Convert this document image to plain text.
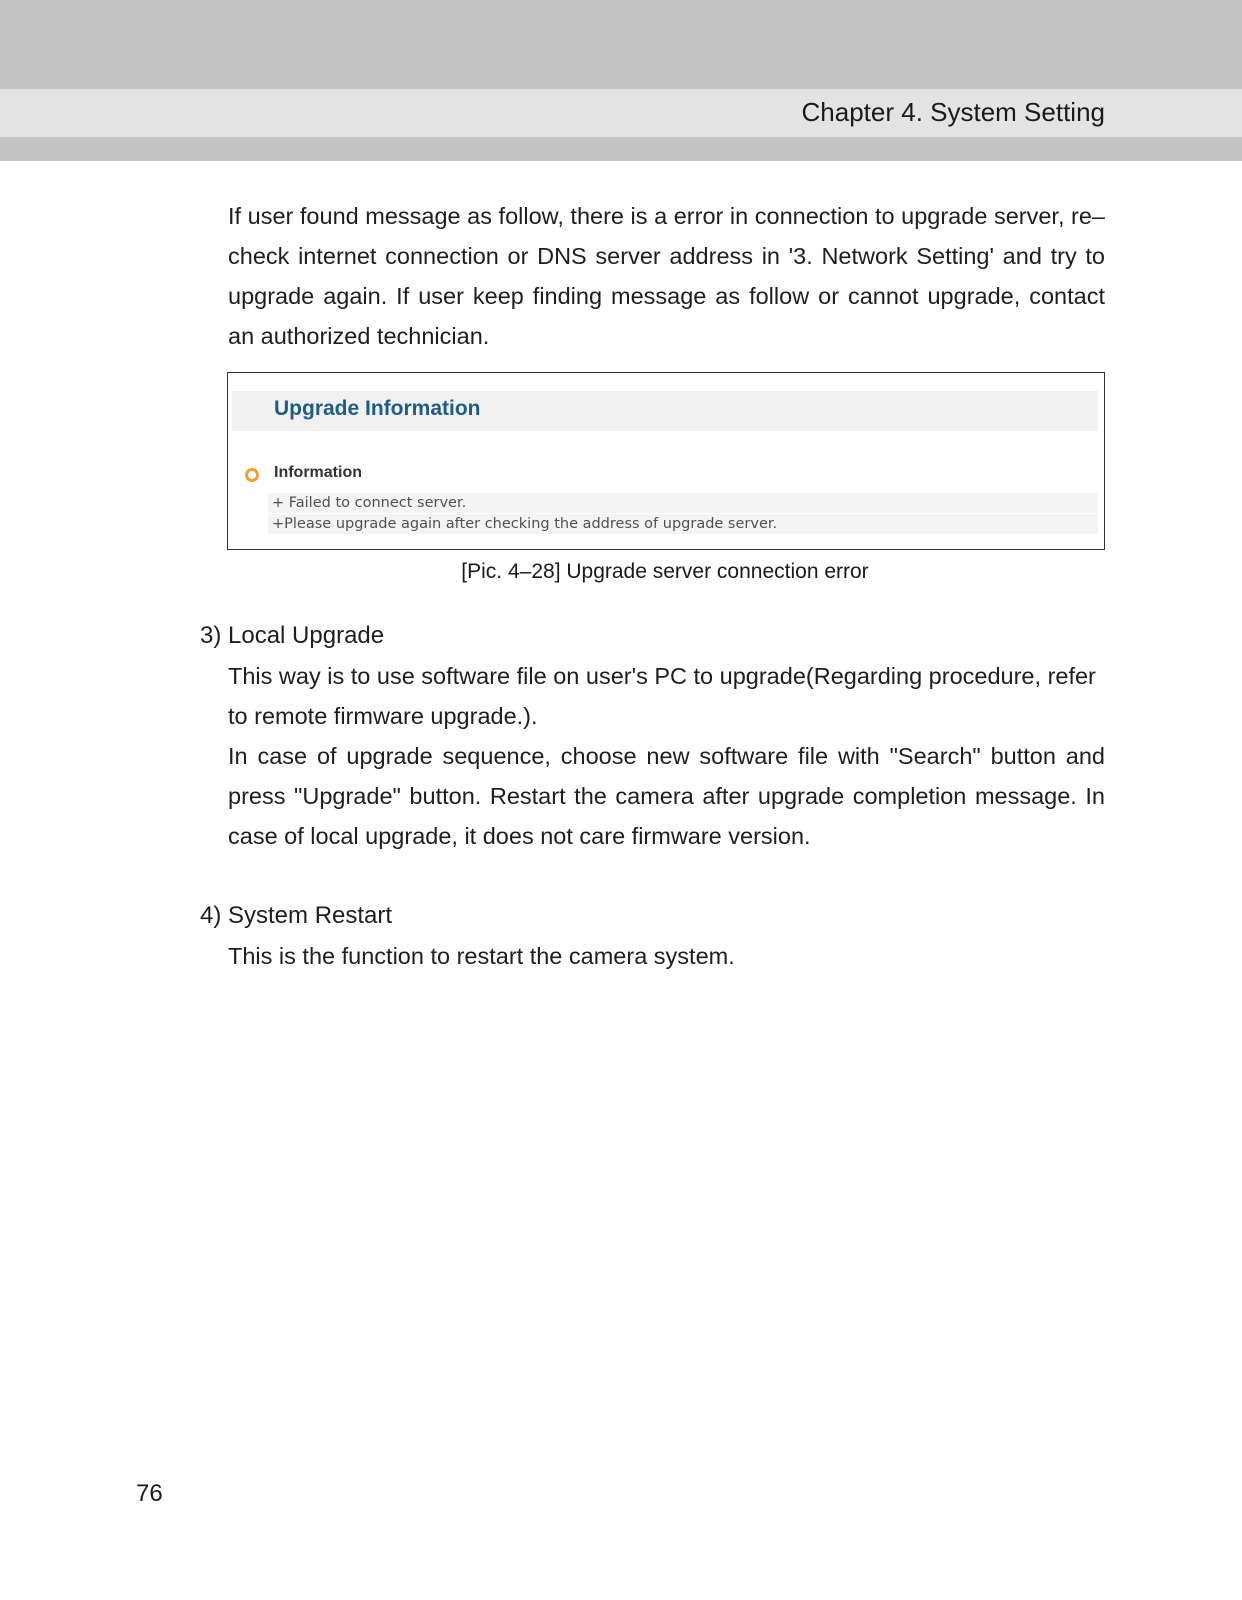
Chapter 4. System Setting

If user found message as follow, there is a error in connection to upgrade server, re–check internet connection or DNS server address in '3. Network Setting' and try to upgrade again. If user keep finding message as follow or cannot upgrade, contact an authorized technician.

Upgrade Information
Information
+ Failed to connect server.
+Please upgrade again after checking the address of upgrade server.
[Pic. 4–28] Upgrade server connection error
3) Local Upgrade

This way is to use software file on user's PC to upgrade(Regarding procedure, refer to remote firmware upgrade.).

In case of upgrade sequence, choose new software file with "Search" button and press "Upgrade" button. Restart the camera after upgrade completion message. In case of local upgrade, it does not care firmware version.

4) System Restart

This is the function to restart the camera system.

76
